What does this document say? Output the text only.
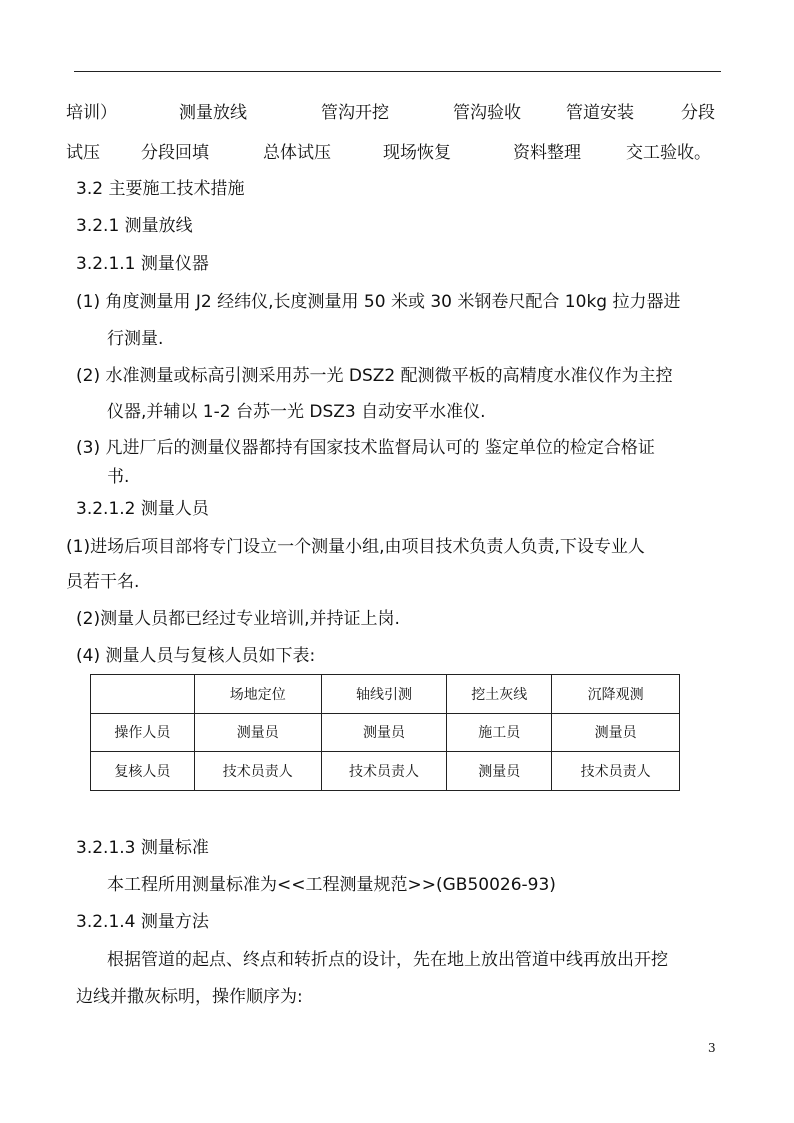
培训）	测量放线	管沟开挖	管沟验收	管道安装	分段
试压 分段回填	总体试压	现场恢复	资料整理	交工验收。
3.2 主要施工技术措施
3.2.1 测量放线
3.2.1.1 测量仪器
(1) 角度测量用 J2 经纬仪,长度测量用 50 米或 30 米钢卷尺配合 10kg 拉力器进
行测量.
(2) 水准测量或标高引测采用苏一光 DSZ2 配测微平板的高精度水准仪作为主控
仪器,并辅以 1-2 台苏一光 DSZ3 自动安平水准仪.
(3) 凡进厂后的测量仪器都持有国家技术监督局认可的 鉴定单位的检定合格证
书.
3.2.1.2 测量人员
(1)进场后项目部将专门设立一个测量小组,由项目技术负责人负责,下设专业人
员若干名.
(2)测量人员都已经过专业培训,并持证上岗.
(4) 测量人员与复核人员如下表:
	场地定位	轴线引测	挖土灰线	沉降观测
操作人员	测量员	测量员	施工员	测量员
复核人员	技术员责人	技术员责人	测量员	技术员责人
3.2.1.3 测量标准
本工程所用测量标准为<<工程测量规范>>(GB50026-93)
3.2.1.4 测量方法
根据管道的起点、终点和转折点的设计，先在地上放出管道中线再放出开挖
边线并撒灰标明，操作顺序为:
3
